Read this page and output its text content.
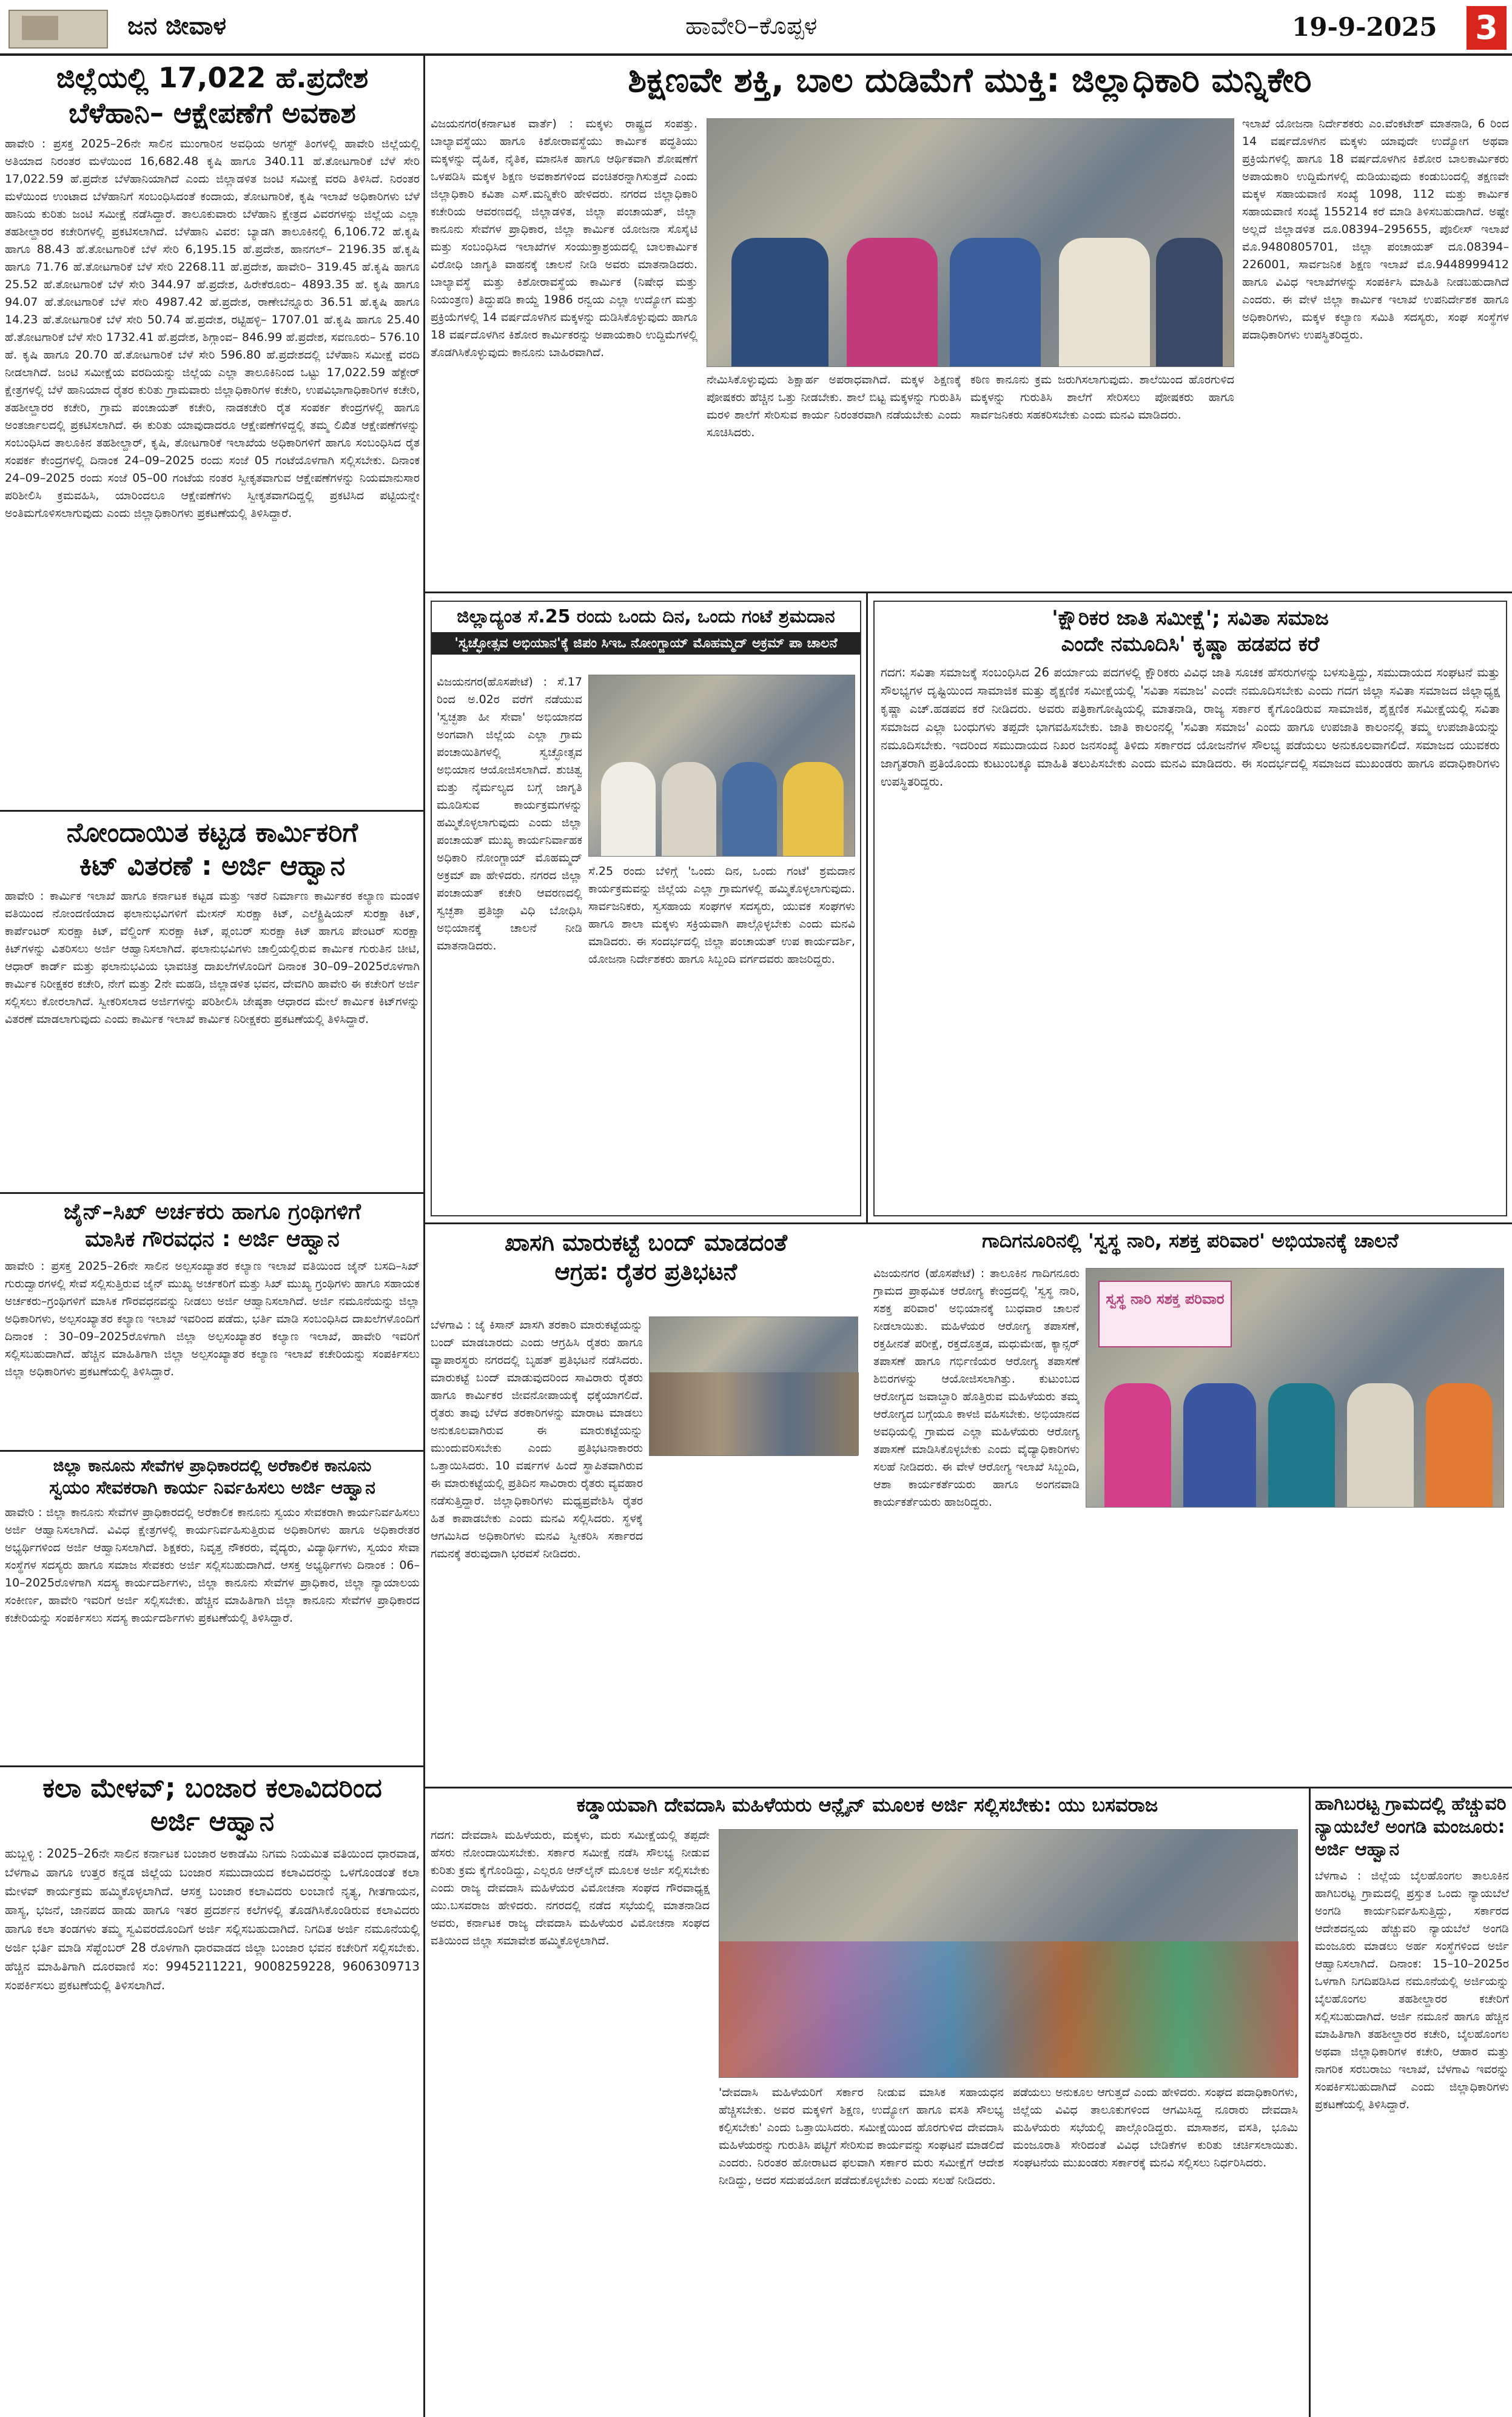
ಜನ ಜೀವಾಳ	ಹಾವೇರಿ–ಕೊಪ್ಪಳ	19-9-2025 3
ಜಿಲ್ಲೆಯಲ್ಲಿ 17,022 ಹೆ.ಪ್ರದೇಶ
ಬೆಳೆಹಾನಿ– ಆಕ್ಷೇಪಣೆಗೆ ಅವಕಾಶ
ಹಾವೇರಿ : ಪ್ರಸಕ್ತ 2025–26ನೇ ಸಾಲಿನ ಮುಂಗಾರಿನ ಅವಧಿಯ ಅಗಸ್ಟ್ ತಿಂಗಳಲ್ಲಿ ಹಾವೇರಿ ಜಿಲ್ಲೆಯಲ್ಲಿ ಅತಿಯಾದ ನಿರಂತರ ಮಳೆಯಿಂದ 16,682.48 ಕೃಷಿ ಹಾಗೂ 340.11 ಹೆ.ತೋಟಗಾರಿಕೆ ಬೆಳೆ ಸೇರಿ 17,022.59 ಹೆ.ಪ್ರದೇಶ ಬೆಳೆಹಾನಿಯಾಗಿದೆ ಎಂದು ಜಿಲ್ಲಾಡಳಿತ ಜಂಟಿ ಸಮೀಕ್ಷೆ ವರದಿ ತಿಳಿಸಿದೆ. ನಿರಂತರ ಮಳೆಯಿಂದ ಉಂಟಾದ ಬೆಳೆಹಾನಿಗೆ ಸಂಬಂಧಿಸಿದಂತೆ ಕಂದಾಯ, ತೋಟಗಾರಿಕೆ, ಕೃಷಿ ಇಲಾಖೆ ಅಧಿಕಾರಿಗಳು ಬೆಳೆ ಹಾನಿಯ ಕುರಿತು ಜಂಟಿ ಸಮೀಕ್ಷೆ ನಡೆಸಿದ್ದಾರೆ. ತಾಲೂಕುವಾರು ಬೆಳೆಹಾನಿ ಕ್ಷೇತ್ರದ ವಿವರಗಳನ್ನು ಜಿಲ್ಲೆಯ ಎಲ್ಲಾ ತಹಶೀಲ್ದಾರರ ಕಚೇರಿಗಳಲ್ಲಿ ಪ್ರಕಟಿಸಲಾಗಿದೆ. ಬೆಳೆಹಾನಿ ವಿವರ: ಬ್ಯಾಡಗಿ ತಾಲೂಕಿನಲ್ಲಿ 6,106.72 ಹೆ.ಕೃಷಿ ಹಾಗೂ 88.43 ಹೆ.ತೋಟಗಾರಿಕೆ ಬೆಳೆ ಸೇರಿ 6,195.15 ಹೆ.ಪ್ರದೇಶ, ಹಾನಗಲ್– 2196.35 ಹೆ.ಕೃಷಿ ಹಾಗೂ 71.76 ಹೆ.ತೋಟಗಾರಿಕೆ ಬೆಳೆ ಸೇರಿ 2268.11 ಹೆ.ಪ್ರದೇಶ, ಹಾವೇರಿ– 319.45 ಹೆ.ಕೃಷಿ ಹಾಗೂ 25.52 ಹೆ.ತೋಟಗಾರಿಕೆ ಬೆಳೆ ಸೇರಿ 344.97 ಹೆ.ಪ್ರದೇಶ, ಹಿರೇಕೆರೂರು– 4893.35 ಹೆ. ಕೃಷಿ ಹಾಗೂ 94.07 ಹೆ.ತೋಟಗಾರಿಕೆ ಬೆಳೆ ಸೇರಿ 4987.42 ಹೆ.ಪ್ರದೇಶ, ರಾಣೇಬೆನ್ನೂರು 36.51 ಹೆ.ಕೃಷಿ ಹಾಗೂ 14.23 ಹೆ.ತೋಟಗಾರಿಕೆ ಬೆಳೆ ಸೇರಿ 50.74 ಹೆ.ಪ್ರದೇಶ, ರಟ್ಟಿಹಳ್ಳಿ– 1707.01 ಹೆ.ಕೃಷಿ ಹಾಗೂ 25.40 ಹೆ.ತೋಟಗಾರಿಕೆ ಬೆಳೆ ಸೇರಿ 1732.41 ಹೆ.ಪ್ರದೇಶ, ಶಿಗ್ಗಾಂವ– 846.99 ಹೆ.ಪ್ರದೇಶ, ಸವಣೂರು– 576.10 ಹೆ. ಕೃಷಿ ಹಾಗೂ 20.70 ಹೆ.ತೋಟಗಾರಿಕೆ ಬೆಳೆ ಸೇರಿ 596.80 ಹೆ.ಪ್ರದೇಶದಲ್ಲಿ ಬೆಳೆಹಾನಿ ಸಮೀಕ್ಷೆ ವರದಿ ನೀಡಲಾಗಿದೆ. ಜಂಟಿ ಸಮೀಕ್ಷೆಯ ವರದಿಯನ್ನು ಜಿಲ್ಲೆಯ ಎಲ್ಲಾ ತಾಲೂಕಿನಿಂದ ಒಟ್ಟು 17,022.59 ಹೆಕ್ಟೇರ್ ಕ್ಷೇತ್ರಗಳಲ್ಲಿ ಬೆಳೆ ಹಾನಿಯಾದ ರೈತರ ಕುರಿತು ಗ್ರಾಮವಾರು ಜಿಲ್ಲಾಧಿಕಾರಿಗಳ ಕಚೇರಿ, ಉಪವಿಭಾಗಾಧಿಕಾರಿಗಳ ಕಚೇರಿ, ತಹಶೀಲ್ದಾರರ ಕಚೇರಿ, ಗ್ರಾಮ ಪಂಚಾಯತ್ ಕಚೇರಿ, ನಾಡಕಚೇರಿ ರೈತ ಸಂಪರ್ಕ ಕೇಂದ್ರಗಳಲ್ಲಿ ಹಾಗೂ ಅಂತರ್ಜಾಲದಲ್ಲಿ ಪ್ರಕಟಿಸಲಾಗಿದೆ. ಈ ಕುರಿತು ಯಾವುದಾದರೂ ಆಕ್ಷೇಪಣೆಗಳಿದ್ದಲ್ಲಿ ತಮ್ಮ ಲಿಖಿತ ಆಕ್ಷೇಪಣೆಗಳನ್ನು ಸಂಬಂಧಿಸಿದ ತಾಲೂಕಿನ ತಹಶೀಲ್ದಾರ್, ಕೃಷಿ, ತೋಟಗಾರಿಕೆ ಇಲಾಖೆಯ ಅಧಿಕಾರಿಗಳಿಗೆ ಹಾಗೂ ಸಂಬಂಧಿಸಿದ ರೈತ ಸಂಪರ್ಕ ಕೇಂದ್ರಗಳಲ್ಲಿ ದಿನಾಂಕ 24–09–2025 ರಂದು ಸಂಜೆ 05 ಗಂಟೆಯೊಳಗಾಗಿ ಸಲ್ಲಿಸಬೇಕು. ದಿನಾಂಕ 24–09–2025 ರಂದು ಸಂಜೆ 05–00 ಗಂಟೆಯ ನಂತರ ಸ್ವೀಕೃತವಾಗುವ ಆಕ್ಷೇಪಣೆಗಳನ್ನು ನಿಯಮಾನುಸಾರ ಪರಿಶೀಲಿಸಿ ಕ್ರಮವಹಿಸಿ, ಯಾರಿಂದಲೂ ಆಕ್ಷೇಪಣೆಗಳು ಸ್ವೀಕೃತವಾಗದಿದ್ದಲ್ಲಿ ಪ್ರಕಟಿಸಿದ ಪಟ್ಟಿಯನ್ನೇ ಅಂತಿಮಗೊಳಿಸಲಾಗುವುದು ಎಂದು ಜಿಲ್ಲಾಧಿಕಾರಿಗಳು ಪ್ರಕಟಣೆಯಲ್ಲಿ ತಿಳಿಸಿದ್ದಾರೆ.
ನೋಂದಾಯಿತ ಕಟ್ಟಡ ಕಾರ್ಮಿಕರಿಗೆ
ಕಿಟ್ ವಿತರಣೆ : ಅರ್ಜಿ ಆಹ್ವಾನ
ಹಾವೇರಿ : ಕಾರ್ಮಿಕ ಇಲಾಖೆ ಹಾಗೂ ಕರ್ನಾಟಕ ಕಟ್ಟಡ ಮತ್ತು ಇತರೆ ನಿರ್ಮಾಣ ಕಾರ್ಮಿಕರ ಕಲ್ಯಾಣ ಮಂಡಳಿ ವತಿಯಿಂದ ನೋಂದಣಿಯಾದ ಫಲಾನುಭವಿಗಳಿಗೆ ಮೇಸನ್ ಸುರಕ್ಷಾ ಕಿಟ್, ಎಲೆಕ್ಟ್ರಿಷಿಯನ್ ಸುರಕ್ಷಾ ಕಿಟ್, ಕಾರ್ಪೆಂಟರ್ ಸುರಕ್ಷಾ ಕಿಟ್, ವೆಲ್ಡಿಂಗ್ ಸುರಕ್ಷಾ ಕಿಟ್, ಪ್ಲಂಬರ್ ಸುರಕ್ಷಾ ಕಿಟ್ ಹಾಗೂ ಪೇಂಟರ್ ಸುರಕ್ಷಾ ಕಿಟ್‌ಗಳನ್ನು ವಿತರಿಸಲು ಅರ್ಜಿ ಆಹ್ವಾನಿಸಲಾಗಿದೆ. ಫಲಾನುಭವಿಗಳು ಚಾಲ್ತಿಯಲ್ಲಿರುವ ಕಾರ್ಮಿಕ ಗುರುತಿನ ಚೀಟಿ, ಆಧಾರ್ ಕಾರ್ಡ್ ಮತ್ತು ಫಲಾನುಭವಿಯ ಭಾವಚಿತ್ರ ದಾಖಲೆಗಳೊಂದಿಗೆ ದಿನಾಂಕ 30–09–2025ರೊಳಗಾಗಿ ಕಾರ್ಮಿಕ ನಿರೀಕ್ಷಕರ ಕಚೇರಿ, ನೇಗೆ ಮತ್ತು 2ನೇ ಮಹಡಿ, ಜಿಲ್ಲಾಡಳಿತ ಭವನ, ದೇವಗಿರಿ ಹಾವೇರಿ ಈ ಕಚೇರಿಗೆ ಅರ್ಜಿ ಸಲ್ಲಿಸಲು ಕೋರಲಾಗಿದೆ. ಸ್ವೀಕರಿಸಲಾದ ಅರ್ಜಿಗಳನ್ನು ಪರಿಶೀಲಿಸಿ ಜೇಷ್ಠತಾ ಆಧಾರದ ಮೇಲೆ ಕಾರ್ಮಿಕ ಕಿಟ್‌ಗಳನ್ನು ವಿತರಣೆ ಮಾಡಲಾಗುವುದು ಎಂದು ಕಾರ್ಮಿಕ ಇಲಾಖೆ ಕಾರ್ಮಿಕ ನಿರೀಕ್ಷಕರು ಪ್ರಕಟಣೆಯಲ್ಲಿ ತಿಳಿಸಿದ್ದಾರೆ.
ಜೈನ್–ಸಿಖ್ ಅರ್ಚಕರು ಹಾಗೂ ಗ್ರಂಥಿಗಳಿಗೆ
ಮಾಸಿಕ ಗೌರವಧನ : ಅರ್ಜಿ ಆಹ್ವಾನ
ಹಾವೇರಿ : ಪ್ರಸಕ್ತ 2025–26ನೇ ಸಾಲಿನ ಅಲ್ಪಸಂಖ್ಯಾತರ ಕಲ್ಯಾಣ ಇಲಾಖೆ ವತಿಯಿಂದ ಜೈನ್ ಬಸದಿ–ಸಿಖ್ ಗುರುದ್ವಾರಗಳಲ್ಲಿ ಸೇವೆ ಸಲ್ಲಿಸುತ್ತಿರುವ ಜೈನ್ ಮುಖ್ಯ ಅರ್ಚಕರಿಗೆ ಮತ್ತು ಸಿಖ್ ಮುಖ್ಯ ಗ್ರಂಥಿಗಳು ಹಾಗೂ ಸಹಾಯಕ ಅರ್ಚಕರು–ಗ್ರಂಥಿಗಳಿಗೆ ಮಾಸಿಕ ಗೌರವಧನವನ್ನು ನೀಡಲು ಅರ್ಜಿ ಆಹ್ವಾನಿಸಲಾಗಿದೆ. ಅರ್ಜಿ ನಮೂನೆಯನ್ನು ಜಿಲ್ಲಾ ಅಧಿಕಾರಿಗಳು, ಅಲ್ಪಸಂಖ್ಯಾತರ ಕಲ್ಯಾಣ ಇಲಾಖೆ ಇವರಿಂದ ಪಡೆದು, ಭರ್ತಿ ಮಾಡಿ ಸಂಬಂಧಿಸಿದ ದಾಖಲೆಗಳೊಂದಿಗೆ ದಿನಾಂಕ : 30–09–2025ರೊಳಗಾಗಿ ಜಿಲ್ಲಾ ಅಲ್ಪಸಂಖ್ಯಾತರ ಕಲ್ಯಾಣ ಇಲಾಖೆ, ಹಾವೇರಿ ಇವರಿಗೆ ಸಲ್ಲಿಸಬಹುದಾಗಿದೆ. ಹೆಚ್ಚಿನ ಮಾಹಿತಿಗಾಗಿ ಜಿಲ್ಲಾ ಅಲ್ಪಸಂಖ್ಯಾತರ ಕಲ್ಯಾಣ ಇಲಾಖೆ ಕಚೇರಿಯನ್ನು ಸಂಪರ್ಕಿಸಲು ಜಿಲ್ಲಾ ಅಧಿಕಾರಿಗಳು ಪ್ರಕಟಣೆಯಲ್ಲಿ ತಿಳಿಸಿದ್ದಾರೆ.
ಜಿಲ್ಲಾ ಕಾನೂನು ಸೇವೆಗಳ ಪ್ರಾಧಿಕಾರದಲ್ಲಿ ಅರೆಕಾಲಿಕ ಕಾನೂನು
ಸ್ವಯಂ ಸೇವಕರಾಗಿ ಕಾರ್ಯ ನಿರ್ವಹಿಸಲು ಅರ್ಜಿ ಆಹ್ವಾನ
ಹಾವೇರಿ : ಜಿಲ್ಲಾ ಕಾನೂನು ಸೇವೆಗಳ ಪ್ರಾಧಿಕಾರದಲ್ಲಿ ಅರೆಕಾಲಿಕ ಕಾನೂನು ಸ್ವಯಂ ಸೇವಕರಾಗಿ ಕಾರ್ಯನಿರ್ವಹಿಸಲು ಅರ್ಜಿ ಆಹ್ವಾನಿಸಲಾಗಿದೆ. ವಿವಿಧ ಕ್ಷೇತ್ರಗಳಲ್ಲಿ ಕಾರ್ಯನಿರ್ವಹಿಸುತ್ತಿರುವ ಅಧಿಕಾರಿಗಳು ಹಾಗೂ ಅಧಿಕಾರೇತರ ಅಭ್ಯರ್ಥಿಗಳಿಂದ ಅರ್ಜಿ ಆಹ್ವಾನಿಸಲಾಗಿದೆ. ಶಿಕ್ಷಕರು, ನಿವೃತ್ತ ನೌಕರರು, ವೈದ್ಯರು, ವಿದ್ಯಾರ್ಥಿಗಳು, ಸ್ವಯಂ ಸೇವಾ ಸಂಸ್ಥೆಗಳ ಸದಸ್ಯರು ಹಾಗೂ ಸಮಾಜ ಸೇವಕರು ಅರ್ಜಿ ಸಲ್ಲಿಸಬಹುದಾಗಿದೆ. ಆಸಕ್ತ ಅಭ್ಯರ್ಥಿಗಳು ದಿನಾಂಕ : 06–10–2025ರೊಳಗಾಗಿ ಸದಸ್ಯ ಕಾರ್ಯದರ್ಶಿಗಳು, ಜಿಲ್ಲಾ ಕಾನೂನು ಸೇವೆಗಳ ಪ್ರಾಧಿಕಾರ, ಜಿಲ್ಲಾ ನ್ಯಾಯಾಲಯ ಸಂಕೀರ್ಣ, ಹಾವೇರಿ ಇವರಿಗೆ ಅರ್ಜಿ ಸಲ್ಲಿಸಬೇಕು. ಹೆಚ್ಚಿನ ಮಾಹಿತಿಗಾಗಿ ಜಿಲ್ಲಾ ಕಾನೂನು ಸೇವೆಗಳ ಪ್ರಾಧಿಕಾರದ ಕಚೇರಿಯನ್ನು ಸಂಪರ್ಕಿಸಲು ಸದಸ್ಯ ಕಾರ್ಯದರ್ಶಿಗಳು ಪ್ರಕಟಣೆಯಲ್ಲಿ ತಿಳಿಸಿದ್ದಾರೆ.
ಕಲಾ ಮೇಳವ್; ಬಂಜಾರ ಕಲಾವಿದರಿಂದ
ಅರ್ಜಿ ಆಹ್ವಾನ
ಹುಬ್ಬಳ್ಳಿ : 2025–26ನೇ ಸಾಲಿನ ಕರ್ನಾಟಕ ಬಂಜಾರ ಅಕಾಡೆಮಿ ನಿಗಮ ನಿಯಮಿತ ವತಿಯಿಂದ ಧಾರವಾಡ, ಬೆಳಗಾವಿ ಹಾಗೂ ಉತ್ತರ ಕನ್ನಡ ಜಿಲ್ಲೆಯ ಬಂಜಾರ ಸಮುದಾಯದ ಕಲಾವಿದರನ್ನು ಒಳಗೊಂಡಂತೆ ಕಲಾ ಮೇಳವ್ ಕಾರ್ಯಕ್ರಮ ಹಮ್ಮಿಕೊಳ್ಳಲಾಗಿದೆ. ಆಸಕ್ತ ಬಂಜಾರ ಕಲಾವಿದರು ಲಂಬಾಣಿ ನೃತ್ಯ, ಗೀತಗಾಯನ, ಹಾಸ್ಯ, ಭಜನೆ, ಜಾನಪದ ಹಾಡು ಹಾಗೂ ಇತರ ಪ್ರದರ್ಶನ ಕಲೆಗಳಲ್ಲಿ ತೊಡಗಿಸಿಕೊಂಡಿರುವ ಕಲಾವಿದರು ಹಾಗೂ ಕಲಾ ತಂಡಗಳು ತಮ್ಮ ಸ್ವವಿವರದೊಂದಿಗೆ ಅರ್ಜಿ ಸಲ್ಲಿಸಬಹುದಾಗಿದೆ. ನಿಗದಿತ ಅರ್ಜಿ ನಮೂನೆಯಲ್ಲಿ ಅರ್ಜಿ ಭರ್ತಿ ಮಾಡಿ ಸೆಪ್ಟೆಂಬರ್ 28 ರೊಳಗಾಗಿ ಧಾರವಾಡದ ಜಿಲ್ಲಾ ಬಂಜಾರ ಭವನ ಕಚೇರಿಗೆ ಸಲ್ಲಿಸಬೇಕು. ಹೆಚ್ಚಿನ ಮಾಹಿತಿಗಾಗಿ ದೂರವಾಣಿ ಸಂ: 9945211221, 9008259228, 9606309713 ಸಂಪರ್ಕಿಸಲು ಪ್ರಕಟಣೆಯಲ್ಲಿ ತಿಳಿಸಲಾಗಿದೆ.
ಶಿಕ್ಷಣವೇ ಶಕ್ತಿ, ಬಾಲ ದುಡಿಮೆಗೆ ಮುಕ್ತಿ: ಜಿಲ್ಲಾಧಿಕಾರಿ ಮನ್ನಿಕೇರಿ
ವಿಜಯನಗರ(ಕರ್ನಾಟಕ ವಾರ್ತೆ) : ಮಕ್ಕಳು ರಾಷ್ಟ್ರದ ಸಂಪತ್ತು. ಬಾಲ್ಯಾವಸ್ಥೆಯು ಹಾಗೂ ಕಿಶೋರಾವಸ್ಥೆಯು ಕಾರ್ಮಿಕ ಪದ್ಧತಿಯು ಮಕ್ಕಳನ್ನು ದೈಹಿಕ, ನೈತಿಕ, ಮಾನಸಿಕ ಹಾಗೂ ಆರ್ಥಿಕವಾಗಿ ಶೋಷಣೆಗೆ ಒಳಪಡಿಸಿ ಮಕ್ಕಳ ಶಿಕ್ಷಣ ಅವಕಾಶಗಳಿಂದ ವಂಚಿತರನ್ನಾಗಿಸುತ್ತದೆ ಎಂದು ಜಿಲ್ಲಾಧಿಕಾರಿ ಕವಿತಾ ಎಸ್.ಮನ್ನಿಕೇರಿ ಹೇಳಿದರು. ನಗರದ ಜಿಲ್ಲಾಧಿಕಾರಿ ಕಚೇರಿಯ ಆವರಣದಲ್ಲಿ ಜಿಲ್ಲಾಡಳಿತ, ಜಿಲ್ಲಾ ಪಂಚಾಯತ್, ಜಿಲ್ಲಾ ಕಾನೂನು ಸೇವೆಗಳ ಪ್ರಾಧಿಕಾರ, ಜಿಲ್ಲಾ ಕಾರ್ಮಿಕ ಯೋಜನಾ ಸೊಸೈಟಿ ಮತ್ತು ಸಂಬಂಧಿಸಿದ ಇಲಾಖೆಗಳ ಸಂಯುಕ್ತಾಶ್ರಯದಲ್ಲಿ ಬಾಲಕಾರ್ಮಿಕ ವಿರೋಧಿ ಜಾಗೃತಿ ವಾಹನಕ್ಕೆ ಚಾಲನೆ ನೀಡಿ ಅವರು ಮಾತನಾಡಿದರು. ಬಾಲ್ಯಾವಸ್ಥೆ ಮತ್ತು ಕಿಶೋರಾವಸ್ಥೆಯ ಕಾರ್ಮಿಕ (ನಿಷೇಧ ಮತ್ತು ನಿಯಂತ್ರಣ) ತಿದ್ದುಪಡಿ ಕಾಯ್ದೆ 1986 ರನ್ವಯ ಎಲ್ಲಾ ಉದ್ಯೋಗ ಮತ್ತು ಪ್ರಕ್ರಿಯೆಗಳಲ್ಲಿ 14 ವರ್ಷದೊಳಗಿನ ಮಕ್ಕಳನ್ನು ದುಡಿಸಿಕೊಳ್ಳುವುದು ಹಾಗೂ 18 ವರ್ಷದೊಳಗಿನ ಕಿಶೋರ ಕಾರ್ಮಿಕರನ್ನು ಅಪಾಯಕಾರಿ ಉದ್ದಿಮೆಗಳಲ್ಲಿ ತೊಡಗಿಸಿಕೊಳ್ಳುವುದು ಕಾನೂನು ಬಾಹಿರವಾಗಿದೆ.
ನೇಮಿಸಿಕೊಳ್ಳುವುದು ಶಿಕ್ಷಾರ್ಹ ಅಪರಾಧವಾಗಿದೆ. ಮಕ್ಕಳ ಶಿಕ್ಷಣಕ್ಕೆ ಪೋಷಕರು ಹೆಚ್ಚಿನ ಒತ್ತು ನೀಡಬೇಕು. ಶಾಲೆ ಬಿಟ್ಟ ಮಕ್ಕಳನ್ನು ಗುರುತಿಸಿ ಮರಳಿ ಶಾಲೆಗೆ ಸೇರಿಸುವ ಕಾರ್ಯ ನಿರಂತರವಾಗಿ ನಡೆಯಬೇಕು ಎಂದು ಸೂಚಿಸಿದರು.
ಕಠಿಣ ಕಾನೂನು ಕ್ರಮ ಜರುಗಿಸಲಾಗುವುದು. ಶಾಲೆಯಿಂದ ಹೊರಗುಳಿದ ಮಕ್ಕಳನ್ನು ಗುರುತಿಸಿ ಶಾಲೆಗೆ ಸೇರಿಸಲು ಪೋಷಕರು ಹಾಗೂ ಸಾರ್ವಜನಿಕರು ಸಹಕರಿಸಬೇಕು ಎಂದು ಮನವಿ ಮಾಡಿದರು.
ಇಲಾಖೆ ಯೋಜನಾ ನಿರ್ದೇಶಕರು ಎಂ.ವೆಂಕಟೇಶ್ ಮಾತನಾಡಿ, 6 ರಿಂದ 14 ವರ್ಷದೊಳಗಿನ ಮಕ್ಕಳು ಯಾವುದೇ ಉದ್ಯೋಗ ಅಥವಾ ಪ್ರಕ್ರಿಯೆಗಳಲ್ಲಿ ಹಾಗೂ 18 ವರ್ಷದೊಳಗಿನ ಕಿಶೋರ ಬಾಲಕಾರ್ಮಿಕರು ಅಪಾಯಕಾರಿ ಉದ್ದಿಮೆಗಳಲ್ಲಿ ದುಡಿಯುವುದು ಕಂಡುಬಂದಲ್ಲಿ ತಕ್ಷಣವೇ ಮಕ್ಕಳ ಸಹಾಯವಾಣಿ ಸಂಖ್ಯೆ 1098, 112 ಮತ್ತು ಕಾರ್ಮಿಕ ಸಹಾಯವಾಣಿ ಸಂಖ್ಯೆ 155214 ಕರೆ ಮಾಡಿ ತಿಳಿಸಬಹುದಾಗಿದೆ. ಅಷ್ಟೇ ಅಲ್ಲದೆ ಜಿಲ್ಲಾಡಳಿತ ದೂ.08394–295655, ಪೊಲೀಸ್ ಇಲಾಖೆ ಮೊ.9480805701, ಜಿಲ್ಲಾ ಪಂಚಾಯತ್ ದೂ.08394–226001, ಸಾರ್ವಜನಿಕ ಶಿಕ್ಷಣ ಇಲಾಖೆ ಮೊ.9448999412 ಹಾಗೂ ವಿವಿಧ ಇಲಾಖೆಗಳನ್ನು ಸಂಪರ್ಕಿಸಿ ಮಾಹಿತಿ ನೀಡಬಹುದಾಗಿದೆ ಎಂದರು. ಈ ವೇಳೆ ಜಿಲ್ಲಾ ಕಾರ್ಮಿಕ ಇಲಾಖೆ ಉಪನಿರ್ದೇಶಕ ಹಾಗೂ ಅಧಿಕಾರಿಗಳು, ಮಕ್ಕಳ ಕಲ್ಯಾಣ ಸಮಿತಿ ಸದಸ್ಯರು, ಸಂಘ ಸಂಸ್ಥೆಗಳ ಪದಾಧಿಕಾರಿಗಳು ಉಪಸ್ಥಿತರಿದ್ದರು.
ಜಿಲ್ಲಾದ್ಯಂತ ಸೆ.25 ರಂದು ಒಂದು ದಿನ, ಒಂದು ಗಂಟೆ ಶ್ರಮದಾನ
'ಸ್ವಚ್ಛೋತ್ಸವ ಅಭಿಯಾನ'ಕ್ಕೆ ಜಿಪಂ ಸಿಇಒ ನೋಂಗ್ಜಾಯ್ ಮೊಹಮ್ಮದ್ ಅಕ್ರಮ್ ಪಾ ಚಾಲನೆ
ವಿಜಯನಗರ(ಹೊಸಪೇಟೆ) : ಸೆ.17 ರಿಂದ ಅ.02ರ ವರೆಗೆ ನಡೆಯುವ 'ಸ್ವಚ್ಛತಾ ಹೀ ಸೇವಾ' ಅಭಿಯಾನದ ಅಂಗವಾಗಿ ಜಿಲ್ಲೆಯ ಎಲ್ಲಾ ಗ್ರಾಮ ಪಂಚಾಯಿತಿಗಳಲ್ಲಿ ಸ್ವಚ್ಛೋತ್ಸವ ಅಭಿಯಾನ ಆಯೋಜಿಸಲಾಗಿದೆ. ಶುಚಿತ್ವ ಮತ್ತು ನೈರ್ಮಲ್ಯದ ಬಗ್ಗೆ ಜಾಗೃತಿ ಮೂಡಿಸುವ ಕಾರ್ಯಕ್ರಮಗಳನ್ನು ಹಮ್ಮಿಕೊಳ್ಳಲಾಗುವುದು ಎಂದು ಜಿಲ್ಲಾ ಪಂಚಾಯತ್ ಮುಖ್ಯ ಕಾರ್ಯನಿರ್ವಾಹಕ ಅಧಿಕಾರಿ ನೋಂಗ್ಜಾಯ್ ಮೊಹಮ್ಮದ್ ಅಕ್ರಮ್ ಪಾ ಹೇಳಿದರು. ನಗರದ ಜಿಲ್ಲಾ ಪಂಚಾಯತ್ ಕಚೇರಿ ಆವರಣದಲ್ಲಿ ಸ್ವಚ್ಛತಾ ಪ್ರತಿಜ್ಞಾ ವಿಧಿ ಬೋಧಿಸಿ ಅಭಿಯಾನಕ್ಕೆ ಚಾಲನೆ ನೀಡಿ ಮಾತನಾಡಿದರು.
ಸೆ.25 ರಂದು ಬೆಳಿಗ್ಗೆ 'ಒಂದು ದಿನ, ಒಂದು ಗಂಟೆ' ಶ್ರಮದಾನ ಕಾರ್ಯಕ್ರಮವನ್ನು ಜಿಲ್ಲೆಯ ಎಲ್ಲಾ ಗ್ರಾಮಗಳಲ್ಲಿ ಹಮ್ಮಿಕೊಳ್ಳಲಾಗುವುದು. ಸಾರ್ವಜನಿಕರು, ಸ್ವಸಹಾಯ ಸಂಘಗಳ ಸದಸ್ಯರು, ಯುವಕ ಸಂಘಗಳು ಹಾಗೂ ಶಾಲಾ ಮಕ್ಕಳು ಸಕ್ರಿಯವಾಗಿ ಪಾಲ್ಗೊಳ್ಳಬೇಕು ಎಂದು ಮನವಿ ಮಾಡಿದರು. ಈ ಸಂದರ್ಭದಲ್ಲಿ ಜಿಲ್ಲಾ ಪಂಚಾಯತ್ ಉಪ ಕಾರ್ಯದರ್ಶಿ, ಯೋಜನಾ ನಿರ್ದೇಶಕರು ಹಾಗೂ ಸಿಬ್ಬಂದಿ ವರ್ಗದವರು ಹಾಜರಿದ್ದರು.
'ಕ್ಷೌರಿಕರ ಜಾತಿ ಸಮೀಕ್ಷೆ'; ಸವಿತಾ ಸಮಾಜ
ಎಂದೇ ನಮೂದಿಸಿ' ಕೃಷ್ಣಾ ಹಡಪದ ಕರೆ
ಗದಗ: ಸವಿತಾ ಸಮಾಜಕ್ಕೆ ಸಂಬಂಧಿಸಿದ 26 ಪರ್ಯಾಯ ಪದಗಳಲ್ಲಿ ಕ್ಷೌರಿಕರು ವಿವಿಧ ಜಾತಿ ಸೂಚಕ ಹೆಸರುಗಳನ್ನು ಬಳಸುತ್ತಿದ್ದು, ಸಮುದಾಯದ ಸಂಘಟನೆ ಮತ್ತು ಸೌಲಭ್ಯಗಳ ದೃಷ್ಟಿಯಿಂದ ಸಾಮಾಜಿಕ ಮತ್ತು ಶೈಕ್ಷಣಿಕ ಸಮೀಕ್ಷೆಯಲ್ಲಿ 'ಸವಿತಾ ಸಮಾಜ' ಎಂದೇ ನಮೂದಿಸಬೇಕು ಎಂದು ಗದಗ ಜಿಲ್ಲಾ ಸವಿತಾ ಸಮಾಜದ ಜಿಲ್ಲಾಧ್ಯಕ್ಷ ಕೃಷ್ಣಾ ಎಚ್.ಹಡಪದ ಕರೆ ನೀಡಿದರು. ಅವರು ಪತ್ರಿಕಾಗೋಷ್ಠಿಯಲ್ಲಿ ಮಾತನಾಡಿ, ರಾಜ್ಯ ಸರ್ಕಾರ ಕೈಗೊಂಡಿರುವ ಸಾಮಾಜಿಕ, ಶೈಕ್ಷಣಿಕ ಸಮೀಕ್ಷೆಯಲ್ಲಿ ಸವಿತಾ ಸಮಾಜದ ಎಲ್ಲಾ ಬಂಧುಗಳು ತಪ್ಪದೇ ಭಾಗವಹಿಸಬೇಕು. ಜಾತಿ ಕಾಲಂನಲ್ಲಿ 'ಸವಿತಾ ಸಮಾಜ' ಎಂದು ಹಾಗೂ ಉಪಜಾತಿ ಕಾಲಂನಲ್ಲಿ ತಮ್ಮ ಉಪಜಾತಿಯನ್ನು ನಮೂದಿಸಬೇಕು. ಇದರಿಂದ ಸಮುದಾಯದ ನಿಖರ ಜನಸಂಖ್ಯೆ ತಿಳಿದು ಸರ್ಕಾರದ ಯೋಜನೆಗಳ ಸೌಲಭ್ಯ ಪಡೆಯಲು ಅನುಕೂಲವಾಗಲಿದೆ. ಸಮಾಜದ ಯುವಕರು ಜಾಗೃತರಾಗಿ ಪ್ರತಿಯೊಂದು ಕುಟುಂಬಕ್ಕೂ ಮಾಹಿತಿ ತಲುಪಿಸಬೇಕು ಎಂದು ಮನವಿ ಮಾಡಿದರು. ಈ ಸಂದರ್ಭದಲ್ಲಿ ಸಮಾಜದ ಮುಖಂಡರು ಹಾಗೂ ಪದಾಧಿಕಾರಿಗಳು ಉಪಸ್ಥಿತರಿದ್ದರು.
ಖಾಸಗಿ ಮಾರುಕಟ್ಟೆ ಬಂದ್ ಮಾಡದಂತೆ
ಆಗ್ರಹ: ರೈತರ ಪ್ರತಿಭಟನೆ
ಬೆಳಗಾವಿ : ಜೈ ಕಿಸಾನ್ ಖಾಸಗಿ ತರಕಾರಿ ಮಾರುಕಟ್ಟೆಯನ್ನು ಬಂದ್ ಮಾಡಬಾರದು ಎಂದು ಆಗ್ರಹಿಸಿ ರೈತರು ಹಾಗೂ ವ್ಯಾಪಾರಸ್ಥರು ನಗರದಲ್ಲಿ ಬೃಹತ್ ಪ್ರತಿಭಟನೆ ನಡೆಸಿದರು. ಮಾರುಕಟ್ಟೆ ಬಂದ್ ಮಾಡುವುದರಿಂದ ಸಾವಿರಾರು ರೈತರು ಹಾಗೂ ಕಾರ್ಮಿಕರ ಜೀವನೋಪಾಯಕ್ಕೆ ಧಕ್ಕೆಯಾಗಲಿದೆ. ರೈತರು ತಾವು ಬೆಳೆದ ತರಕಾರಿಗಳನ್ನು ಮಾರಾಟ ಮಾಡಲು ಅನುಕೂಲವಾಗಿರುವ ಈ ಮಾರುಕಟ್ಟೆಯನ್ನು ಮುಂದುವರಿಸಬೇಕು ಎಂದು ಪ್ರತಿಭಟನಾಕಾರರು ಒತ್ತಾಯಿಸಿದರು. 10 ವರ್ಷಗಳ ಹಿಂದೆ ಸ್ಥಾಪಿತವಾಗಿರುವ ಈ ಮಾರುಕಟ್ಟೆಯಲ್ಲಿ ಪ್ರತಿದಿನ ಸಾವಿರಾರು ರೈತರು ವ್ಯವಹಾರ ನಡೆಸುತ್ತಿದ್ದಾರೆ. ಜಿಲ್ಲಾಧಿಕಾರಿಗಳು ಮಧ್ಯಪ್ರವೇಶಿಸಿ ರೈತರ ಹಿತ ಕಾಪಾಡಬೇಕು ಎಂದು ಮನವಿ ಸಲ್ಲಿಸಿದರು. ಸ್ಥಳಕ್ಕೆ ಆಗಮಿಸಿದ ಅಧಿಕಾರಿಗಳು ಮನವಿ ಸ್ವೀಕರಿಸಿ ಸರ್ಕಾರದ ಗಮನಕ್ಕೆ ತರುವುದಾಗಿ ಭರವಸೆ ನೀಡಿದರು.
ಗಾದಿಗನೂರಿನಲ್ಲಿ 'ಸ್ವಸ್ಥ ನಾರಿ, ಸಶಕ್ತ ಪರಿವಾರ' ಅಭಿಯಾನಕ್ಕೆ ಚಾಲನೆ
ವಿಜಯನಗರ (ಹೊಸಪೇಟೆ) : ತಾಲೂಕಿನ ಗಾದಿಗನೂರು ಗ್ರಾಮದ ಪ್ರಾಥಮಿಕ ಆರೋಗ್ಯ ಕೇಂದ್ರದಲ್ಲಿ 'ಸ್ವಸ್ಥ ನಾರಿ, ಸಶಕ್ತ ಪರಿವಾರ' ಅಭಿಯಾನಕ್ಕೆ ಬುಧವಾರ ಚಾಲನೆ ನೀಡಲಾಯಿತು. ಮಹಿಳೆಯರ ಆರೋಗ್ಯ ತಪಾಸಣೆ, ರಕ್ತಹೀನತೆ ಪರೀಕ್ಷೆ, ರಕ್ತದೊತ್ತಡ, ಮಧುಮೇಹ, ಕ್ಯಾನ್ಸರ್ ತಪಾಸಣೆ ಹಾಗೂ ಗರ್ಭಿಣಿಯರ ಆರೋಗ್ಯ ತಪಾಸಣೆ ಶಿಬಿರಗಳನ್ನು ಆಯೋಜಿಸಲಾಗಿತ್ತು. ಕುಟುಂಬದ ಆರೋಗ್ಯದ ಜವಾಬ್ದಾರಿ ಹೊತ್ತಿರುವ ಮಹಿಳೆಯರು ತಮ್ಮ ಆರೋಗ್ಯದ ಬಗ್ಗೆಯೂ ಕಾಳಜಿ ವಹಿಸಬೇಕು. ಅಭಿಯಾನದ ಅವಧಿಯಲ್ಲಿ ಗ್ರಾಮದ ಎಲ್ಲಾ ಮಹಿಳೆಯರು ಆರೋಗ್ಯ ತಪಾಸಣೆ ಮಾಡಿಸಿಕೊಳ್ಳಬೇಕು ಎಂದು ವೈದ್ಯಾಧಿಕಾರಿಗಳು ಸಲಹೆ ನೀಡಿದರು. ಈ ವೇಳೆ ಆರೋಗ್ಯ ಇಲಾಖೆ ಸಿಬ್ಬಂದಿ, ಆಶಾ ಕಾರ್ಯಕರ್ತೆಯರು ಹಾಗೂ ಅಂಗನವಾಡಿ ಕಾರ್ಯಕರ್ತೆಯರು ಹಾಜರಿದ್ದರು.
ಸ್ವಸ್ಥ ನಾರಿ ಸಶಕ್ತ ಪರಿವಾರ
ಕಡ್ಡಾಯವಾಗಿ ದೇವದಾಸಿ ಮಹಿಳೆಯರು ಆನ್ಲೈನ್ ಮೂಲಕ ಅರ್ಜಿ ಸಲ್ಲಿಸಬೇಕು: ಯು ಬಸವರಾಜ
ಗದಗ: ದೇವದಾಸಿ ಮಹಿಳೆಯರು, ಮಕ್ಕಳು, ಮರು ಸಮೀಕ್ಷೆಯಲ್ಲಿ ತಪ್ಪದೇ ಹೆಸರು ನೋಂದಾಯಿಸಬೇಕು. ಸರ್ಕಾರ ಸಮೀಕ್ಷೆ ನಡೆಸಿ ಸೌಲಭ್ಯ ನೀಡುವ ಕುರಿತು ಕ್ರಮ ಕೈಗೊಂಡಿದ್ದು, ಎಲ್ಲರೂ ಆನ್‌ಲೈನ್ ಮೂಲಕ ಅರ್ಜಿ ಸಲ್ಲಿಸಬೇಕು ಎಂದು ರಾಜ್ಯ ದೇವದಾಸಿ ಮಹಿಳೆಯರ ವಿಮೋಚನಾ ಸಂಘದ ಗೌರವಾಧ್ಯಕ್ಷ ಯು.ಬಸವರಾಜ ಹೇಳಿದರು. ನಗರದಲ್ಲಿ ನಡೆದ ಸಭೆಯಲ್ಲಿ ಮಾತನಾಡಿದ ಅವರು, ಕರ್ನಾಟಕ ರಾಜ್ಯ ದೇವದಾಸಿ ಮಹಿಳೆಯರ ವಿಮೋಚನಾ ಸಂಘದ ವತಿಯಿಂದ ಜಿಲ್ಲಾ ಸಮಾವೇಶ ಹಮ್ಮಿಕೊಳ್ಳಲಾಗಿದೆ.
'ದೇವದಾಸಿ ಮಹಿಳೆಯರಿಗೆ ಸರ್ಕಾರ ನೀಡುವ ಮಾಸಿಕ ಸಹಾಯಧನ ಹೆಚ್ಚಿಸಬೇಕು. ಅವರ ಮಕ್ಕಳಿಗೆ ಶಿಕ್ಷಣ, ಉದ್ಯೋಗ ಹಾಗೂ ವಸತಿ ಸೌಲಭ್ಯ ಕಲ್ಪಿಸಬೇಕು' ಎಂದು ಒತ್ತಾಯಿಸಿದರು. ಸಮೀಕ್ಷೆಯಿಂದ ಹೊರಗುಳಿದ ದೇವದಾಸಿ ಮಹಿಳೆಯರನ್ನು ಗುರುತಿಸಿ ಪಟ್ಟಿಗೆ ಸೇರಿಸುವ ಕಾರ್ಯವನ್ನು ಸಂಘಟನೆ ಮಾಡಲಿದೆ ಎಂದರು. ನಿರಂತರ ಹೋರಾಟದ ಫಲವಾಗಿ ಸರ್ಕಾರ ಮರು ಸಮೀಕ್ಷೆಗೆ ಆದೇಶ ನೀಡಿದ್ದು, ಅದರ ಸದುಪಯೋಗ ಪಡೆದುಕೊಳ್ಳಬೇಕು ಎಂದು ಸಲಹೆ ನೀಡಿದರು.
ಪಡೆಯಲು ಅನುಕೂಲ ಆಗುತ್ತದೆ ಎಂದು ಹೇಳಿದರು. ಸಂಘದ ಪದಾಧಿಕಾರಿಗಳು, ಜಿಲ್ಲೆಯ ವಿವಿಧ ತಾಲೂಕುಗಳಿಂದ ಆಗಮಿಸಿದ್ದ ನೂರಾರು ದೇವದಾಸಿ ಮಹಿಳೆಯರು ಸಭೆಯಲ್ಲಿ ಪಾಲ್ಗೊಂಡಿದ್ದರು. ಮಾಸಾಶನ, ವಸತಿ, ಭೂಮಿ ಮಂಜೂರಾತಿ ಸೇರಿದಂತೆ ವಿವಿಧ ಬೇಡಿಕೆಗಳ ಕುರಿತು ಚರ್ಚಿಸಲಾಯಿತು. ಸಂಘಟನೆಯ ಮುಖಂಡರು ಸರ್ಕಾರಕ್ಕೆ ಮನವಿ ಸಲ್ಲಿಸಲು ನಿರ್ಧರಿಸಿದರು.
ಹಾಗಿಬರಟ್ಟ ಗ್ರಾಮದಲ್ಲಿ ಹೆಚ್ಚುವರಿ ನ್ಯಾಯಬೆಲೆ ಅಂಗಡಿ ಮಂಜೂರು: ಅರ್ಜಿ ಆಹ್ವಾನ
ಬೆಳಗಾವಿ : ಜಿಲ್ಲೆಯ ಬೈಲಹೊಂಗಲ ತಾಲೂಕಿನ ಹಾಗಿಬರಟ್ಟ ಗ್ರಾಮದಲ್ಲಿ ಪ್ರಸ್ತುತ ಒಂದು ನ್ಯಾಯಬೆಲೆ ಅಂಗಡಿ ಕಾರ್ಯನಿರ್ವಹಿಸುತ್ತಿದ್ದು, ಸರ್ಕಾರದ ಆದೇಶದನ್ವಯ ಹೆಚ್ಚುವರಿ ನ್ಯಾಯಬೆಲೆ ಅಂಗಡಿ ಮಂಜೂರು ಮಾಡಲು ಅರ್ಹ ಸಂಸ್ಥೆಗಳಿಂದ ಅರ್ಜಿ ಆಹ್ವಾನಿಸಲಾಗಿದೆ. ದಿನಾಂಕ: 15–10–2025ರ ಒಳಗಾಗಿ ನಿಗದಿಪಡಿಸಿದ ನಮೂನೆಯಲ್ಲಿ ಅರ್ಜಿಯನ್ನು ಬೈಲಹೊಂಗಲ ತಹಶೀಲ್ದಾರರ ಕಚೇರಿಗೆ ಸಲ್ಲಿಸಬಹುದಾಗಿದೆ. ಅರ್ಜಿ ನಮೂನೆ ಹಾಗೂ ಹೆಚ್ಚಿನ ಮಾಹಿತಿಗಾಗಿ ತಹಶೀಲ್ದಾರರ ಕಚೇರಿ, ಬೈಲಹೊಂಗಲ ಅಥವಾ ಜಿಲ್ಲಾಧಿಕಾರಿಗಳ ಕಚೇರಿ, ಆಹಾರ ಮತ್ತು ನಾಗರಿಕ ಸರಬರಾಜು ಇಲಾಖೆ, ಬೆಳಗಾವಿ ಇವರನ್ನು ಸಂಪರ್ಕಿಸಬಹುದಾಗಿದೆ ಎಂದು ಜಿಲ್ಲಾಧಿಕಾರಿಗಳು ಪ್ರಕಟಣೆಯಲ್ಲಿ ತಿಳಿಸಿದ್ದಾರೆ.
